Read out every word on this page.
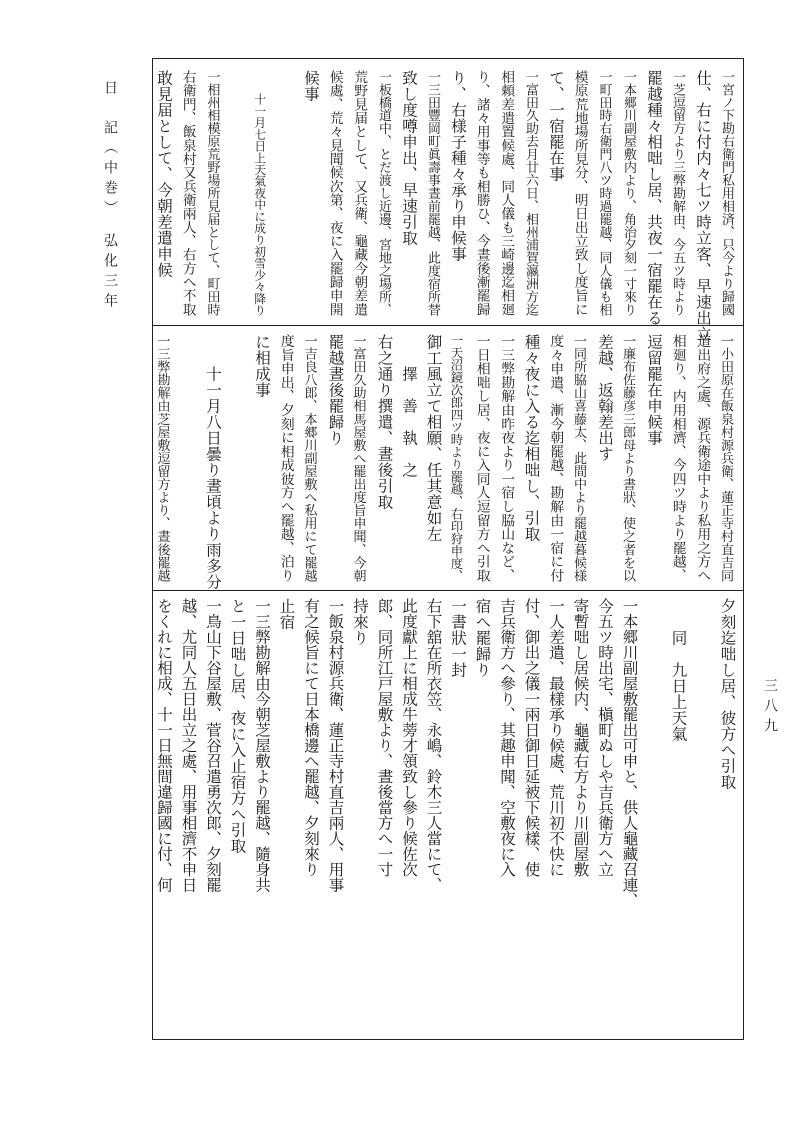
日　記（中巻）　弘化三年
三八九
一宮ノ下勘右衛門私用相済、只今より歸國
仕、右に付内々七ツ時立客、早速出立
一芝逗留方より三弊勘解由、今五ツ時より
罷越種々相咄し居、共夜一宿罷在る
一本郷川副屋敷内より、角治夕刻一寸來り
一町田時右衛門八ツ時過罷越、同人儀も相
模原荒地場所見分、明日出立致し度旨に
て、一宿罷在事
一富田久助去月廿六日、相州浦賀瀛洲方迄
相頼差遣置候處、同人儀も三崎邊迄相廻
り、諸々用事等も相勝ひ、今晝後漸罷歸
り、右様子種々承り申候事
一三田豐岡町眞壽事晝前罷越、此度宿所替
致し度噂申出、早速引取
一板橋道中、とだ渡し近邊、宮地之場所、
荒野見届として、又兵衛、龜藏今朝差遣
候處、荒々見聞候次第、夜に入罷歸申開
候事
　　十一月七日上天氣夜中に成り初雪少々降り
一相州相模原荒野場所見届として、町田時
右衛門、飯泉村又兵衛兩人、右方へ不取
敢見届として、今朝差遣申候
一小田原在飯泉村源兵衛、蓮正寺村直吉同
道出府之處、源兵衛途中より私用之方へ
相廻り、内用相濟、今四ツ時より罷越、
逗留罷在申候事
一廉布佐藤彦三郎母より書狀、使之者を以
差越、返翰差出す
一同所脇山喜藤太、此間中より罷越暮候様
度々申遣、漸今朝罷越、勘解由一宿に付
種々夜に入る迄相咄し、引取
一三弊勘解由昨夜より一宿し脇山など、
一日相咄し居、夜に入同人逗留方へ引取
一天沼鏡次郎四ツ時より罷越、右印狩申度、
御工風立て相願、任其意如左
　　擇　善　執　之
右之通り撰遣、晝後引取
一富田久助相馬屋敷へ罷出度旨申聞、今朝
罷越晝後罷歸り
一吉良八郎、本郷川副屋敷へ私用にて罷越
度旨申出、夕刻に相成彼方へ罷越、泊り
に相成事
　　十一月八日曇り晝頃より雨多分
一三弊勘解由芝屋敷逗留方より、晝後罷越
夕刻迄咄し居、彼方へ引取
　　同　九日上天氣
一本郷川副屋敷罷出可申と、供人龜藏召連、
今五ツ時出宅、槇町ぬしや吉兵衛方へ立
寄暫咄し居候内、龜藏右方より川副屋敷
一人差遣、最樣承り候處、荒川初不快に
付、御出之儀一兩日御日延被下候樣、使
吉兵衛方へ參り、其趣申聞、空敷夜に入
宿へ罷歸り
一書狀一封
右下舘在所衣笠、永嶋、鈴木三人當にて、
此度獻上に相成牛蒡才領致し參り候佐次
郎、同所江戸屋敷より、晝後當方へ一寸
持來り
一飯泉村源兵衛、蓮正寺村直吉兩人、用事
有之候旨にて日本橋邊へ罷越、夕刻來り
止宿
一三弊勘解由今朝芝屋敷より罷越、隨身共
と一日咄し居、夜に入止宿方へ引取
一鳥山下谷屋敷、菅谷召遣勇次郎、夕刻罷
越、尤同人五日出立之處、用事相濟不申日
をくれに相成、十一日無間違歸國に付、何
